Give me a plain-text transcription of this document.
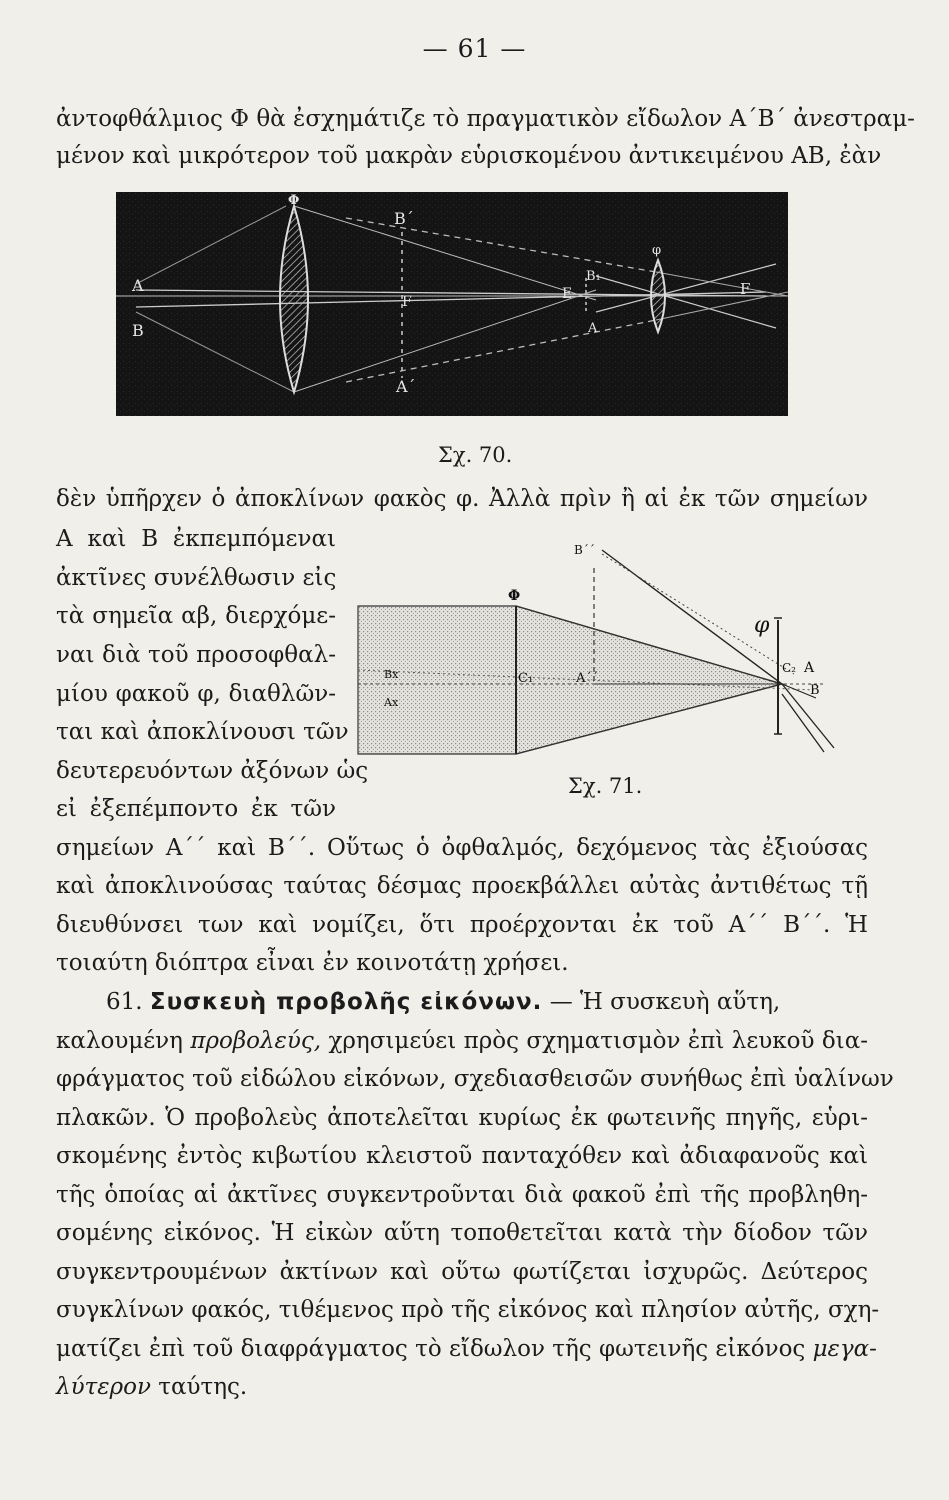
— 61 —
ἀντοφθάλμιος Φ θὰ ἐσχημάτιζε τὸ πραγματικὸν εἴδωλον Α΄Β΄ ἀνεστραμ-
μένον καὶ μικρότερον τοῦ μακρὰν εὑρισκομένου ἀντικειμένου ΑΒ, ἐὰν
Φ
B΄
A΄
A
B
F	E
B₁
A
φ
F
Σχ. 70.
δὲν ὑπῆρχεν ὁ ἀποκλίνων φακὸς φ. Ἀλλὰ πρὶν ἢ αἱ ἐκ τῶν σημείων
Α καὶ Β ἐκπεμπόμεναι
ἀκτῖνες συνέλθωσιν εἰς
τὰ σημεῖα αβ, διερχόμε-
ναι διὰ τοῦ προσοφθαλ-
μίου φακοῦ φ, διαθλῶν-
ται καὶ ἀποκλίνουσι τῶν
δευτερευόντων ἀξόνων ὡς
εἰ ἐξεπέμποντο ἐκ τῶν
Φ
B΄΄
A΄΄
C₁
C₂ A
B
φ
Bx
Ax
Σχ. 71.
σημείων Α΄΄ καὶ Β΄΄. Οὕτως ὁ ὀφθαλμός, δεχόμενος τὰς ἐξιούσας
καὶ ἀποκλινούσας ταύτας δέσμας προεκβάλλει αὐτὰς ἀντιθέτως τῇ
διευθύνσει των καὶ νομίζει, ὅτι προέρχονται ἐκ τοῦ Α΄΄ Β΄΄. Ἡ
τοιαύτη διόπτρα εἶναι ἐν κοινοτάτῃ χρήσει.
61. Συσκευὴ προβολῆς εἰκόνων. — Ἡ συσκευὴ αὕτη,
καλουμένη προβολεύς, χρησιμεύει πρὸς σχηματισμὸν ἐπὶ λευκοῦ δια-
φράγματος τοῦ εἰδώλου εἰκόνων, σχεδιασθεισῶν συνήθως ἐπὶ ὑαλίνων
πλακῶν. Ὁ προβολεὺς ἀποτελεῖται κυρίως ἐκ φωτεινῆς πηγῆς, εὑρι-
σκομένης ἐντὸς κιβωτίου κλειστοῦ πανταχόθεν καὶ ἀδιαφανοῦς καὶ
τῆς ὁποίας αἱ ἀκτῖνες συγκεντροῦνται διὰ φακοῦ ἐπὶ τῆς προβληθη-
σομένης εἰκόνος. Ἡ εἰκὼν αὕτη τοποθετεῖται κατὰ τὴν δίοδον τῶν
συγκεντρουμένων ἀκτίνων καὶ οὕτω φωτίζεται ἰσχυρῶς. Δεύτερος
συγκλίνων φακός, τιθέμενος πρὸ τῆς εἰκόνος καὶ πλησίον αὐτῆς, σχη-
ματίζει ἐπὶ τοῦ διαφράγματος τὸ εἴδωλον τῆς φωτεινῆς εἰκόνος μεγα-
λύτερον ταύτης.
